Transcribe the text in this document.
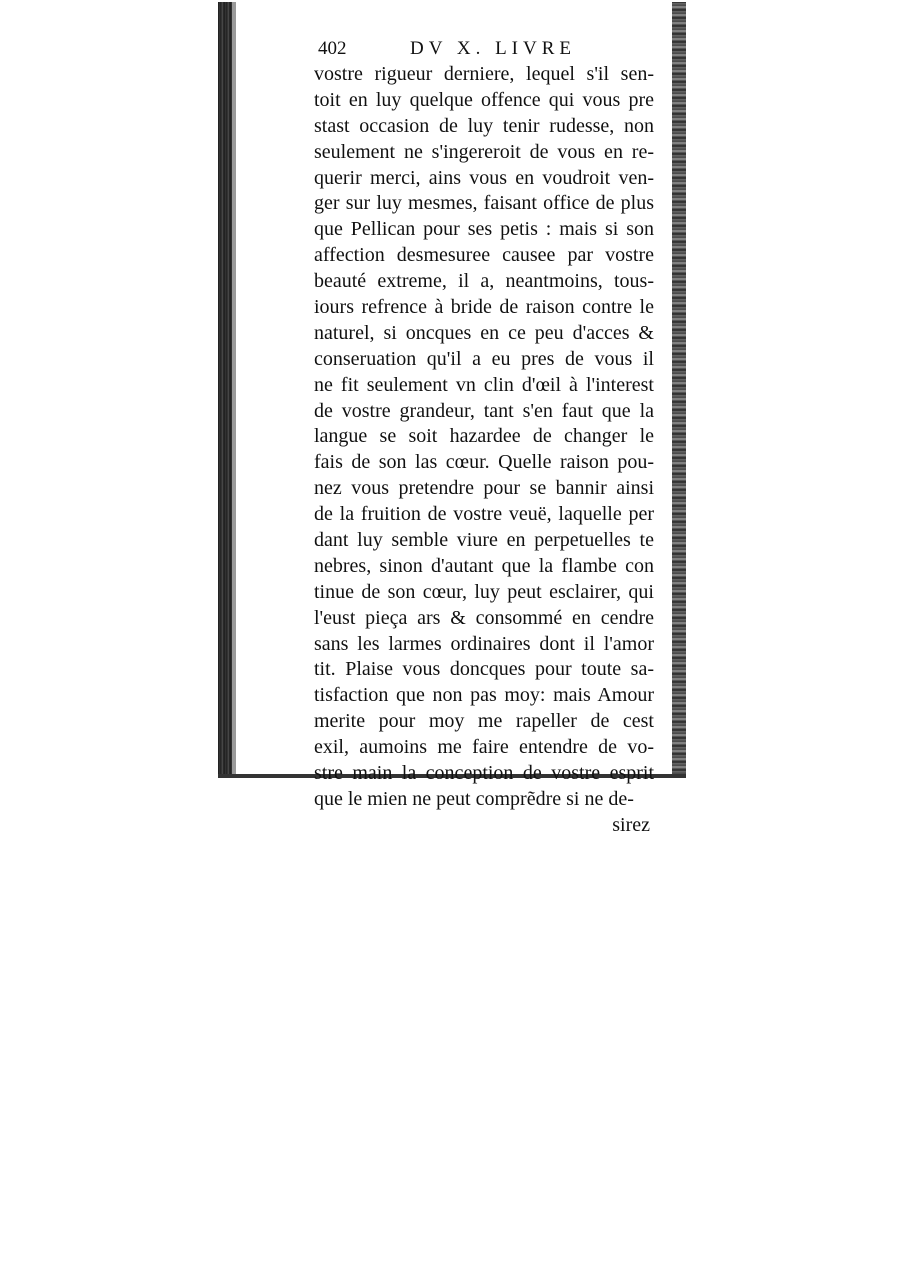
402	DV X. LIVRE
vostre rigueur derniere, lequel s'il sen-
toit en luy quelque offence qui vous pre
stast occasion de luy tenir rudesse, non
seulement ne s'ingereroit de vous en re-
querir merci, ains vous en voudroit ven-
ger sur luy mesmes, faisant office de plus
que Pellican pour ses petis : mais si son
affection desmesuree causee par vostre
beauté extreme, il a, neantmoins, tous-
iours refrence à bride de raison contre le
naturel, si oncques en ce peu d'acces &
conseruation qu'il a eu pres de vous il
ne fit seulement vn clin d'œil à l'interest
de vostre grandeur, tant s'en faut que la
langue se soit hazardee de changer le
fais de son las cœur. Quelle raison pou-
nez vous pretendre pour se bannir ainsi
de la fruition de vostre veuë, laquelle per
dant luy semble viure en perpetuelles te
nebres, sinon d'autant que la flambe con
tinue de son cœur, luy peut esclairer, qui
l'eust pieça ars & consommé en cendre
sans les larmes ordinaires dont il l'amor
tit. Plaise vous doncques pour toute sa-
tisfaction que non pas moy: mais Amour
merite pour moy me rapeller de cest
exil, aumoins me faire entendre de vo-
stre main la conception de vostre esprit
que le mien ne peut comprẽdre si ne de-
sirez
